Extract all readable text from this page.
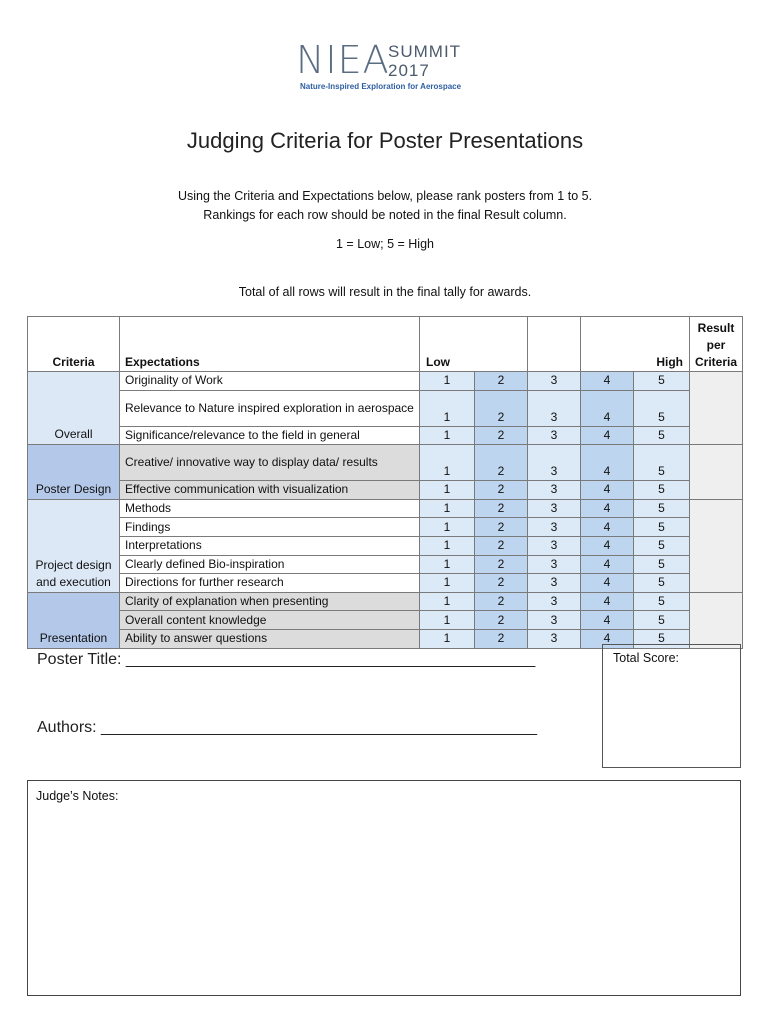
NIEA
SUMMIT
2017
Nature-Inspired Exploration for Aerospace
Judging Criteria for Poster Presentations
Using the Criteria and Expectations below, please rank posters from 1 to 5.
Rankings for each row should be noted in the final Result column.
1 = Low; 5 = High
Total of all rows will result in the final tally for awards.
Criteria	Expectations	Low			High		Result per Criteria
Overall	Originality of Work	1	2	3	4	5	
	Relevance to Nature inspired exploration in aerospace	1	2	3	4	5	
	Significance/relevance to the field in general	1	2	3	4	5	
Poster Design	Creative/ innovative way to display data/ results	1	2	3	4	5	
	Effective communication with visualization	1	2	3	4	5	
Project design and execution	Methods	1	2	3	4	5	
	Findings	1	2	3	4	5	
	Interpretations	1	2	3	4	5	
	Clearly defined Bio-inspiration	1	2	3	4	5	
	Directions for further research	1	2	3	4	5	
Presentation	Clarity of explanation when presenting	1	2	3	4	5	
	Overall content knowledge	1	2	3	4	5	
	Ability to answer questions	1	2	3	4	5	
Poster Title: ______________________________________________
Authors: _________________________________________________
Total Score:
Judge’s Notes:
